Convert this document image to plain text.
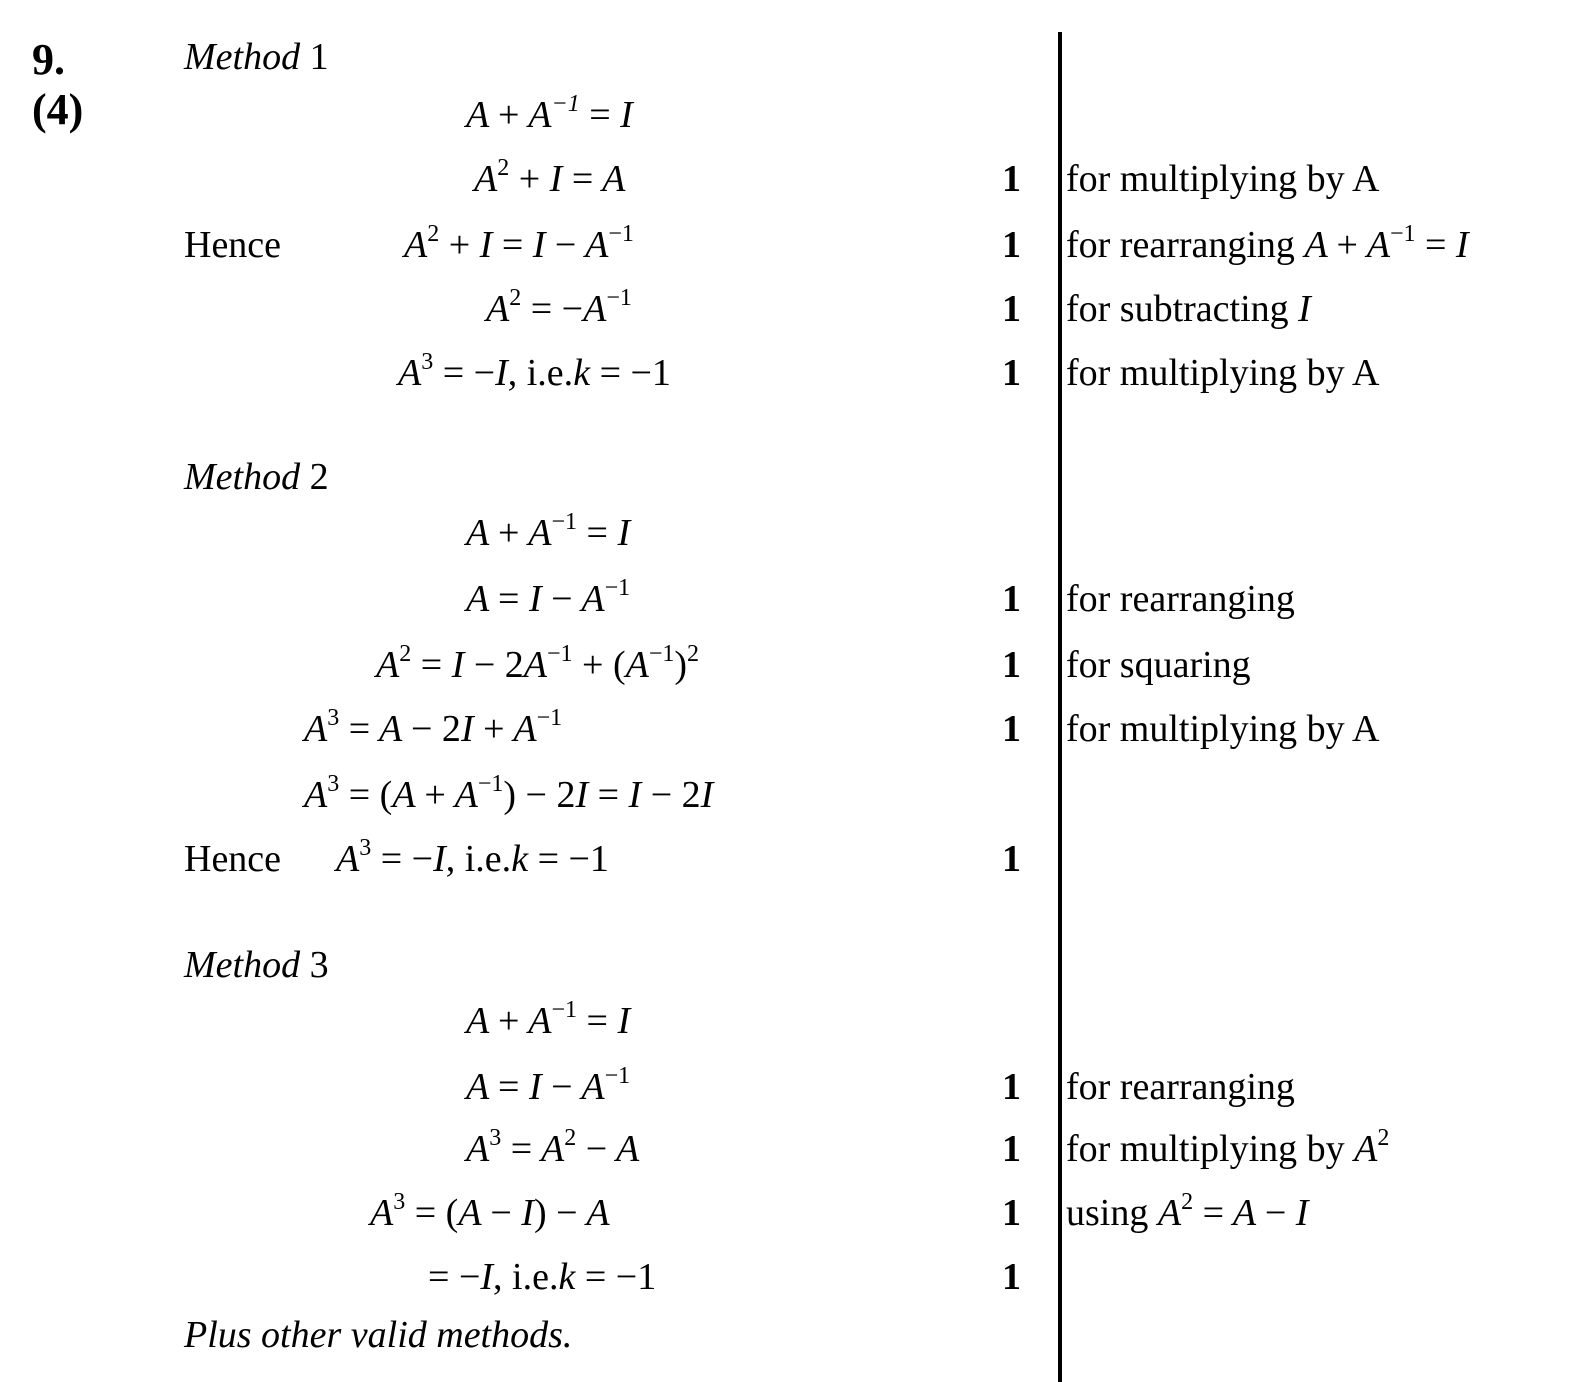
9.
(4)
Method 1
$A + A^{-1} = I$
$A^2 + I = A$
Hence	$A^2 + I = I - A^{-1}$
$A^2 = -A^{-1}$
$A^3 = -I$, i.e.k = −1
1
1
1
1
for multiplying by A
for rearranging $A + A^{-1} = I$
for subtracting I
for multiplying by A
Method 2
$A + A^{-1} = I$
$A = I - A^{-1}$
$A^2 = I - 2A^{-1} + (A^{-1})^2$
$A^3 = A - 2I + A^{-1}$
$A^3 = (A + A^{-1}) - 2I = I - 2I$
Hence $A^3 = -I$, i.e.k = −1
1
1
1
1
for rearranging
for squaring
for multiplying by A
Method 3
$A + A^{-1} = I$
$A = I - A^{-1}$
$A^3 = A^2 - A$
$A^3 = (A - I) - A$
= −I, i.e.k = −1
1
1
1
1
for rearranging
for multiplying by $A^2$
using $A^2 = A - I$
Plus other valid methods.
